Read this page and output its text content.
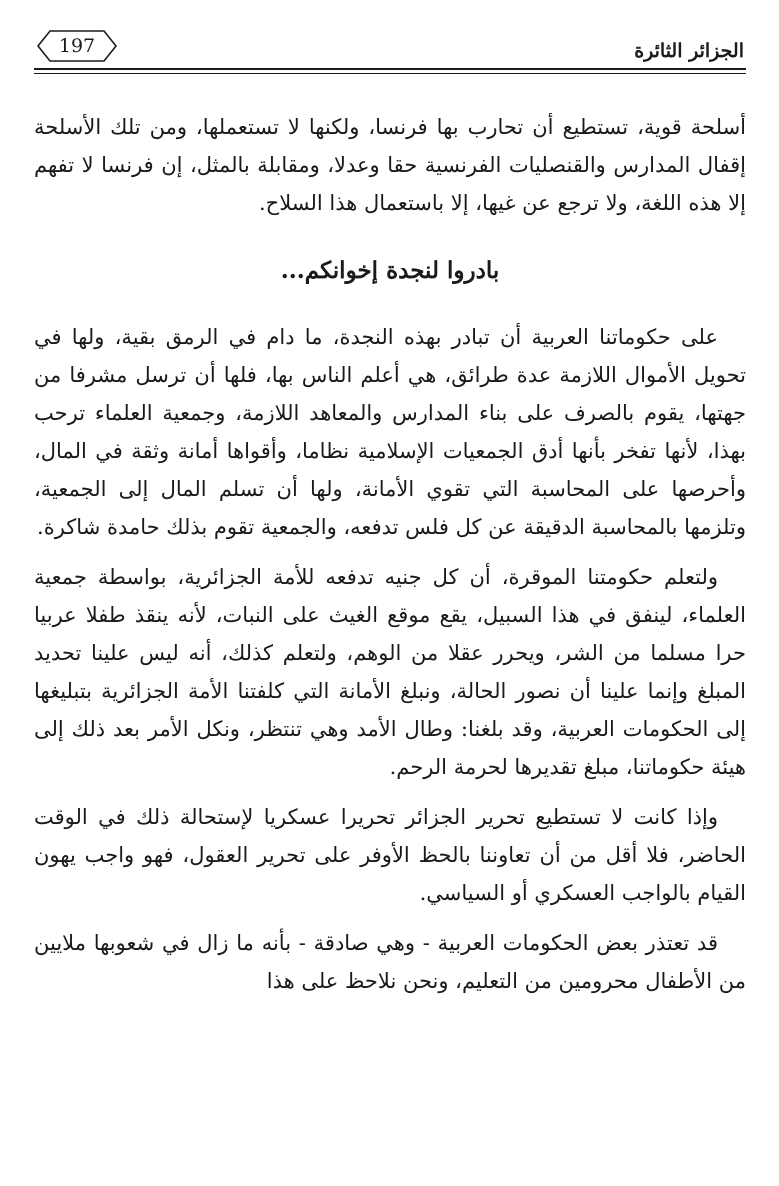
197	الجزائر الثائرة

أسلحة قوية، تستطيع أن تحارب بها فرنسا، ولكنها لا تستعملها، ومن تلك الأسلحة إقفال المدارس والقنصليات الفرنسية حقا وعدلا، ومقابلة بالمثل، إن فرنسا لا تفهم إلا هذه اللغة، ولا ترجع عن غيها، إلا باستعمال هذا السلاح.

بادروا لنجدة إخوانكم...

على حكوماتنا العربية أن تبادر بهذه النجدة، ما دام في الرمق بقية، ولها في تحويل الأموال اللازمة عدة طرائق، هي أعلم الناس بها، فلها أن ترسل مشرفا من جهتها، يقوم بالصرف على بناء المدارس والمعاهد اللازمة، وجمعية العلماء ترحب بهذا، لأنها تفخر بأنها أدق الجمعيات الإسلامية نظاما، وأقواها أمانة وثقة في المال، وأحرصها على المحاسبة التي تقوي الأمانة، ولها أن تسلم المال إلى الجمعية، وتلزمها بالمحاسبة الدقيقة عن كل فلس تدفعه، والجمعية تقوم بذلك حامدة شاكرة.

ولتعلم حكومتنا الموقرة، أن كل جنيه تدفعه للأمة الجزائرية، بواسطة جمعية العلماء، لينفق في هذا السبيل، يقع موقع الغيث على النبات، لأنه ينقذ طفلا عربيا حرا مسلما من الشر، ويحرر عقلا من الوهم، ولتعلم كذلك، أنه ليس علينا تحديد المبلغ وإنما علينا أن نصور الحالة، ونبلغ الأمانة التي كلفتنا الأمة الجزائرية بتبليغها إلى الحكومات العربية، وقد بلغنا: وطال الأمد وهي تنتظر، ونكل الأمر بعد ذلك إلى هيئة حكوماتنا، مبلغ تقديرها لحرمة الرحم.

وإذا كانت لا تستطيع تحرير الجزائر تحريرا عسكريا لإستحالة ذلك في الوقت الحاضر، فلا أقل من أن تعاوننا بالحظ الأوفر على تحرير العقول، فهو واجب يهون القيام بالواجب العسكري أو السياسي.

قد تعتذر بعض الحكومات العربية - وهي صادقة - بأنه ما زال في شعوبها ملايين من الأطفال محرومين من التعليم، ونحن نلاحظ على هذا
